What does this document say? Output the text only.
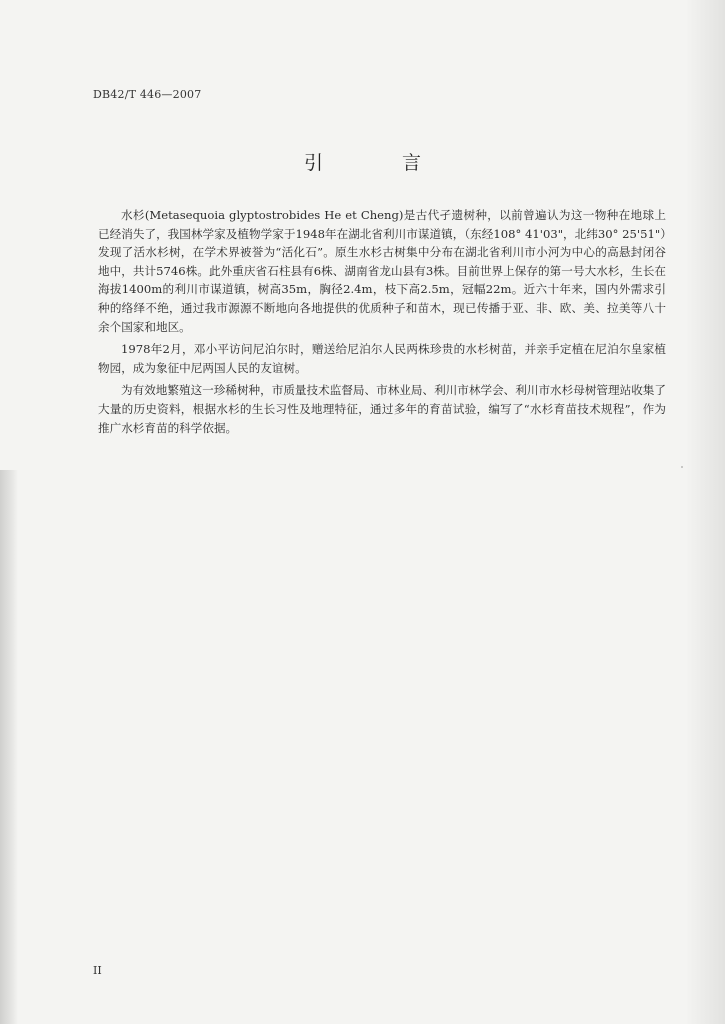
DB42/T 446—2007
引　言

水杉(Metasequoia glyptostrobides He et Cheng)是古代孑遗树种，以前曾遍认为这一物种在地球上已经消失了，我国林学家及植物学家于1948年在湖北省利川市谋道镇，（东经108° 41'03"，北纬30° 25'51"）发现了活水杉树，在学术界被誉为“活化石”。原生水杉古树集中分布在湖北省利川市小河为中心的高悬封闭谷地中，共计5746株。此外重庆省石柱县有6株、湖南省龙山县有3株。目前世界上保存的第一号大水杉，生长在海拔1400m的利川市谋道镇，树高35m，胸径2.4m，枝下高2.5m，冠幅22m。近六十年来，国内外需求引种的络绎不绝，通过我市源源不断地向各地提供的优质种子和苗木，现已传播于亚、非、欧、美、拉美等八十余个国家和地区。

1978年2月，邓小平访问尼泊尔时，赠送给尼泊尔人民两株珍贵的水杉树苗，并亲手定植在尼泊尔皇家植物园，成为象征中尼两国人民的友谊树。

为有效地繁殖这一珍稀树种，市质量技术监督局、市林业局、利川市林学会、利川市水杉母树管理站收集了大量的历史资料，根据水杉的生长习性及地理特征，通过多年的育苗试验，编写了“水杉育苗技术规程”，作为推广水杉育苗的科学依据。

II
